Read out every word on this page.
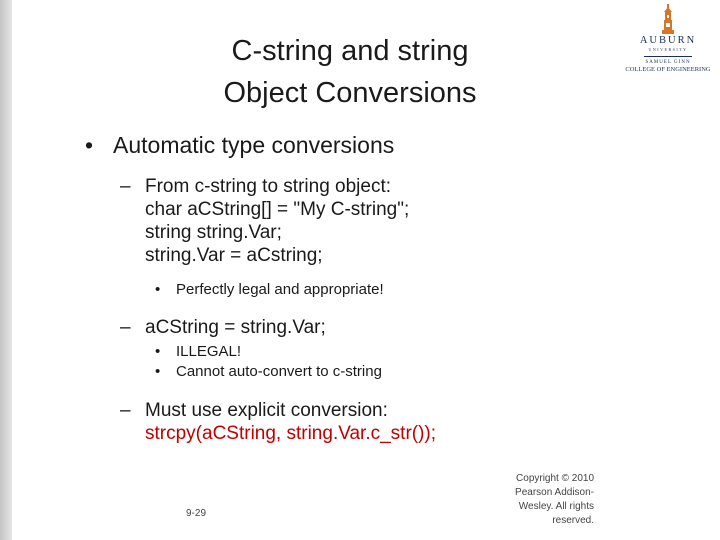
C-string and string
Object Conversions
AUBURN
UNIVERSITY
SAMUEL GINN
COLLEGE OF ENGINEERING
• Automatic type conversions
– From c-string to string object:
char aCString[] = "My C-string";
string string.Var;
string.Var = aCstring;
• Perfectly legal and appropriate!
– aCString = string.Var;
• ILLEGAL!
• Cannot auto-convert to c-string
– Must use explicit conversion:
strcpy(aCString, string.Var.c_str());
9-29
Copyright © 2010 Pearson Addison-Wesley. All rights reserved.
